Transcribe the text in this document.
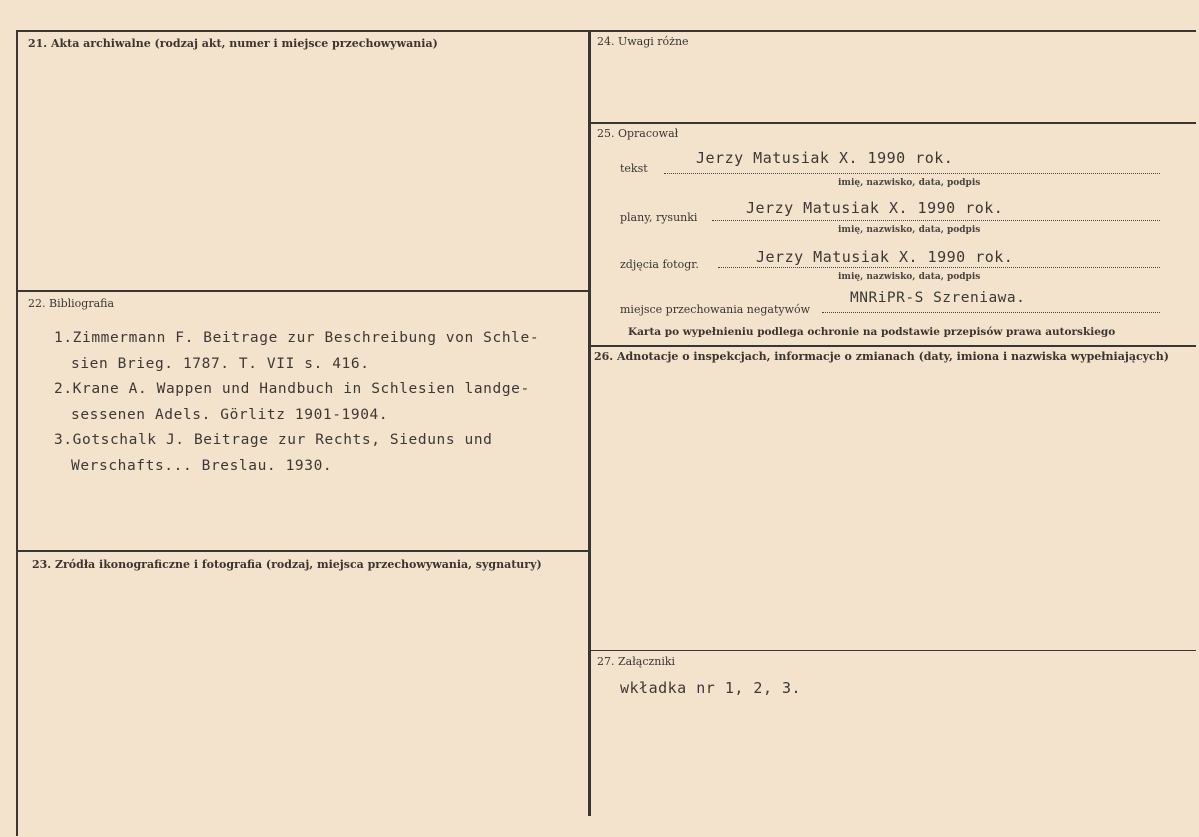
21. Akta archiwalne (rodzaj akt, numer i miejsce przechowywania)
22. Bibliografia
1.Zimmermann F. Beitrage zur Beschreibung von Schle-
sien Brieg. 1787. T. VII s. 416.
2.Krane A. Wappen und Handbuch in Schlesien landge-
sessenen Adels. Görlitz 1901-1904.
3.Gotschalk J. Beitrage zur Rechts, Sieduns und
Werschafts... Breslau. 1930.
23. Zródła ikonograficzne i fotografia (rodzaj, miejsca przechowywania, sygnatury)
24. Uwagi różne
25. Opracował
tekst
Jerzy Matusiak X. 1990 rok.
imię, nazwisko, data, podpis
plany, rysunki
Jerzy Matusiak X. 1990 rok.
imię, nazwisko, data, podpis
zdjęcia fotogr.	Jerzy Matusiak X. 1990 rok.
imię, nazwisko, data, podpis
miejsce przechowania negatywów
MNRiPR-S Szreniawa.
Karta po wypełnieniu podlega ochronie na podstawie przepisów prawa autorskiego
26. Adnotacje o inspekcjach, informacje o zmianach (daty, imiona i nazwiska wypełniających)
27. Załączniki
wkładka nr 1, 2, 3.
